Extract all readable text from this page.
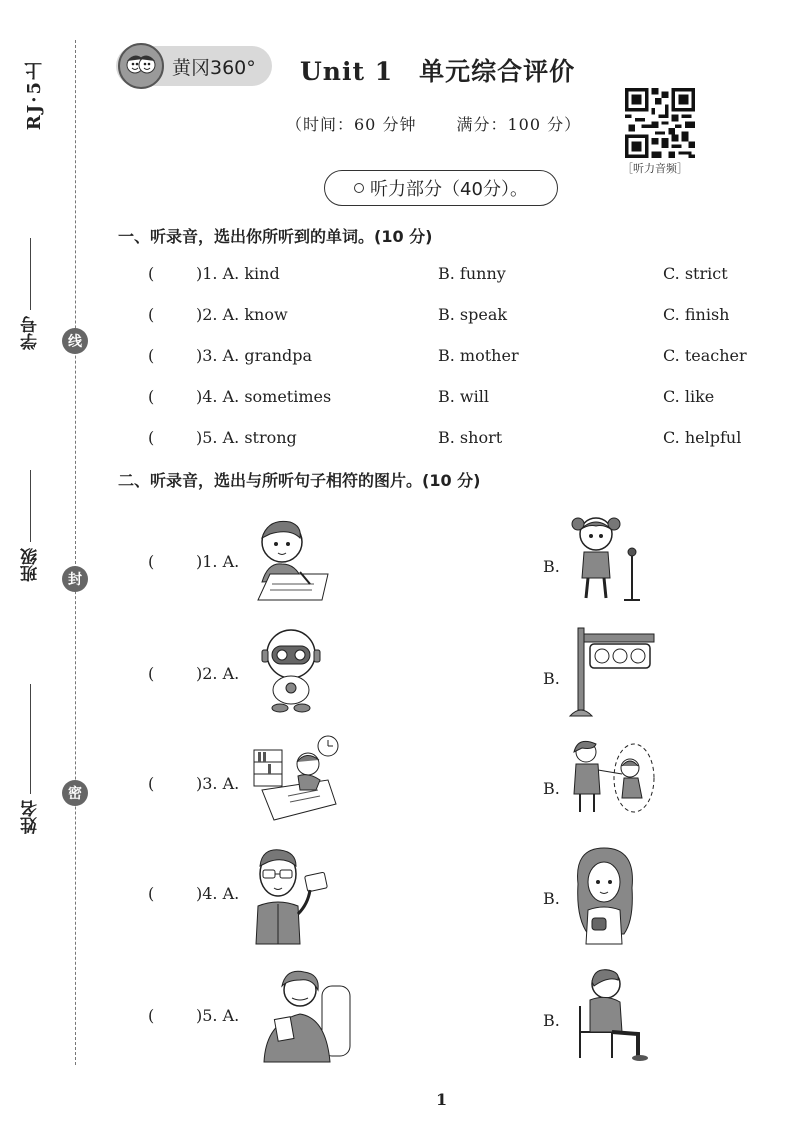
RJ·5上
线
封
密
学号
班级
姓名
黄冈360° Unit 1　单元综合评价
（时间：60 分钟	满分：100 分）
［听力音频］
听力部分（40分）。
一、听录音，选出你所听到的单词。(10 分)
(	)1. A. kind	B. funny	C. strict
(	)2. A. know	B. speak	C. finish
(	)3. A. grandpa	B. mother	C. teacher
(	)4. A. sometimes	B. will	C. like
(	)5. A. strong	B. short	C. helpful
二、听录音，选出与所听句子相符的图片。(10 分)
(	)1. A.	B.
(	)2. A.	B.
(	)3. A.	B.
(	)4. A.	B.
(	)5. A.	B.
1
